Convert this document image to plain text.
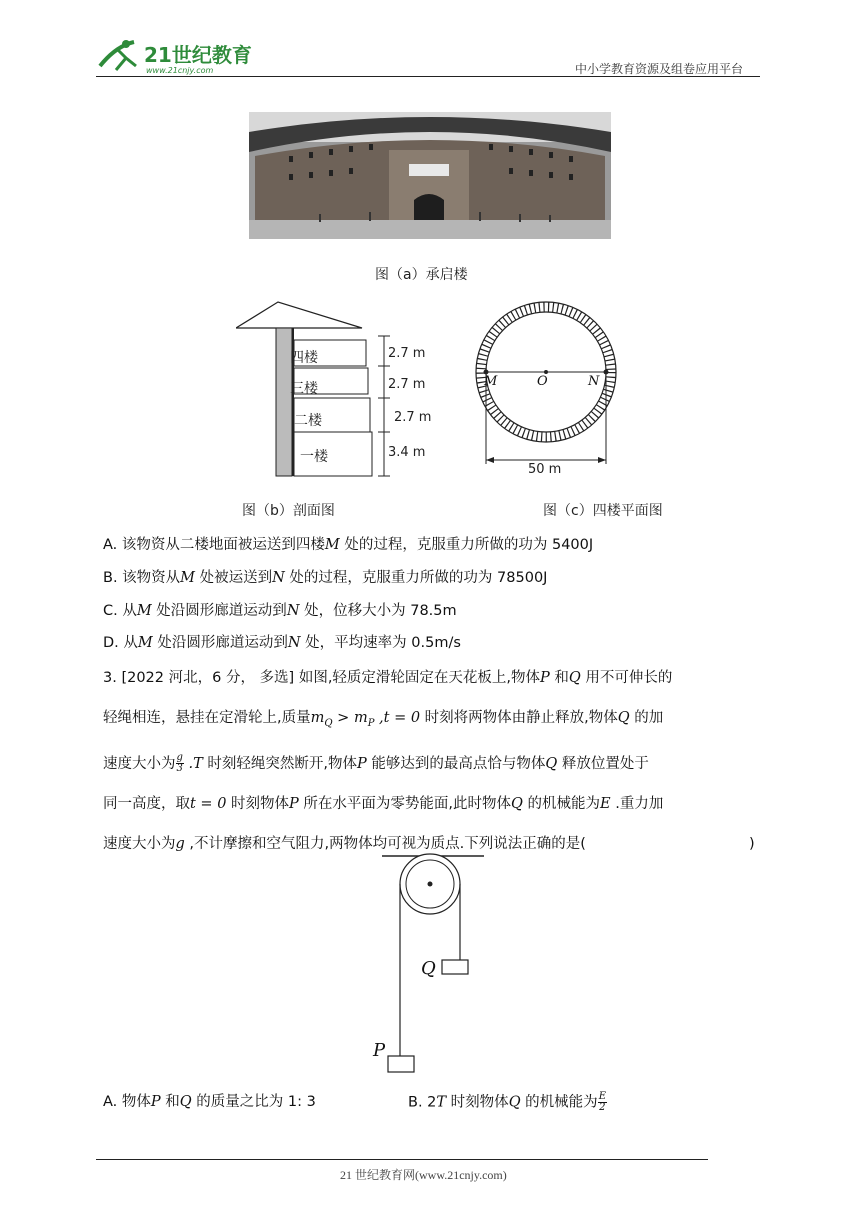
21世纪教育
www.21cnjy.com	中小学教育资源及组卷应用平台
图（a）承启楼
四楼
三楼
二楼
一楼
2.7 m
2.7 m
2.7 m
3.4 m
图（b）剖面图
M	O	N
50 m
图（c）四楼平面图
A. 该物资从二楼地面被运送到四楼M 处的过程，克服重力所做的功为 5400J
B. 该物资从M 处被运送到N 处的过程，克服重力所做的功为 78500J
C. 从M 处沿圆形廊道运动到N 处，位移大小为 78.5m
D. 从M 处沿圆形廊道运动到N 处，平均速率为 0.5m/s
3. [2022 河北，6 分， 多选] 如图,轻质定滑轮固定在天花板上,物体P 和Q 用不可伸长的
轻绳相连，悬挂在定滑轮上,质量$m_Q > m_P$ ,t = 0 时刻将两物体由静止释放,物体Q 的加
速度大小为 $\frac{g}{3} .T$ 时刻轻绳突然断开,物体P 能够达到的最高点恰与物体Q 释放位置处于
同一高度，取t = 0 时刻物体P 所在水平面为零势能面,此时物体Q 的机械能为E .重力加
速度大小为g ,不计摩擦和空气阻力,两物体均可视为质点.下列说法正确的是(	)
Q
P
A. 物体P 和Q 的质量之比为 1: 3	B. 2T 时刻物体Q 的机械能为 $\frac{E}{2}$
21 世纪教育网(www.21cnjy.com)
